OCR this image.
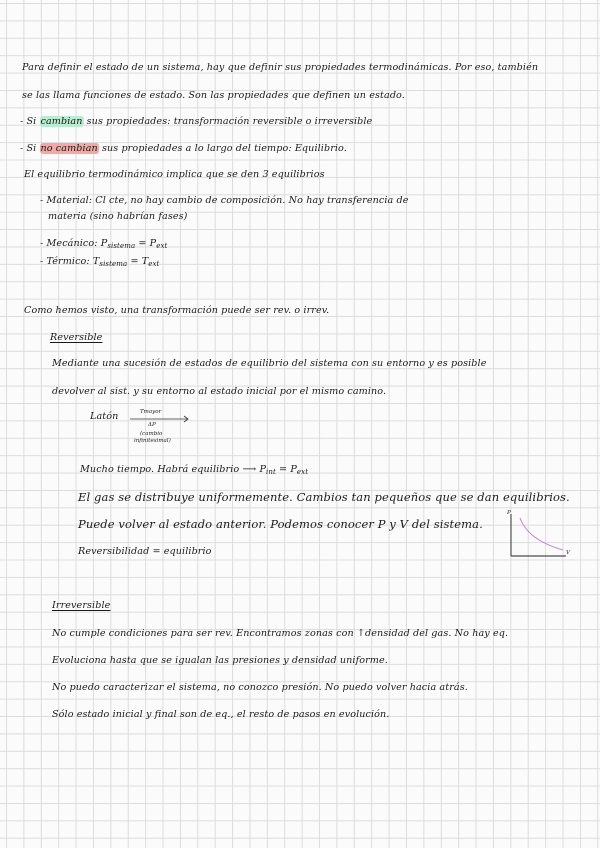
Para definir el estado de un sistema, hay que definir sus propiedades termodinámicas. Por eso, también
se las llama funciones de estado. Son las propiedades que definen un estado.
- Si cambian sus propiedades: transformación reversible o irreversible
- Si no cambian sus propiedades a lo largo del tiempo: Equilibrio.
El equilibrio termodinámico implica que se den 3 equilibrios
- Material: Cl cte, no hay cambio de composición. No hay transferencia de
materia (sino habrían fases)
- Mecánico: $P_{sistema} = P_{ext}$
- Térmico: $T_{sistema} = T_{ext}$
Como hemos visto, una transformación puede ser rev. o irrev.
Reversible
Mediante una sucesión de estados de equilibrio del sistema con su entorno y es posible
devolver al sist. y su entorno al estado inicial por el mismo camino.
Latón	Tmayor
ΔP
(cambio
infinitesimal)
Mucho tiempo. Habrá equilibrio ⟶ $P_{int} = P_{ext}$
El gas se distribuye uniformemente. Cambios tan pequeños que se dan equilibrios.
Puede volver al estado anterior. Podemos conocer P y V del sistema.
Reversibilidad = equilibrio
P
V
Irreversible
No cumple condiciones para ser rev. Encontramos zonas con ↑densidad del gas. No hay eq.
Evoluciona hasta que se igualan las presiones y densidad uniforme.
No puedo caracterizar el sistema, no conozco presión. No puedo volver hacia atrás.
Sólo estado inicial y final son de eq., el resto de pasos en evolución.
